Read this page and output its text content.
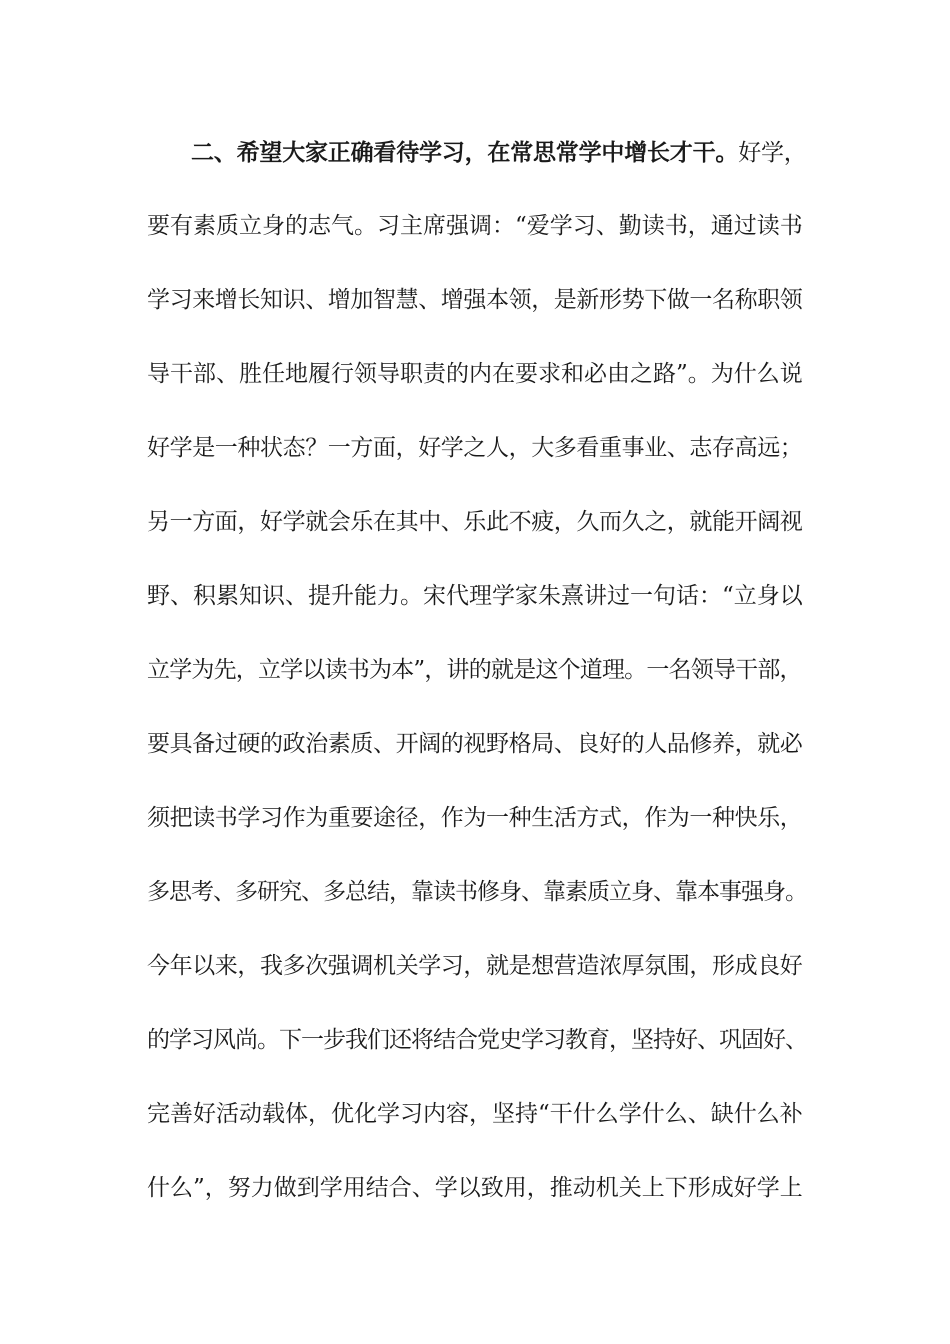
二、希望大家正确看待学习，在常思常学中增长才干。好学，
要有素质立身的志气。习主席强调：“爱学习、勤读书，通过读书
学习来增长知识、增加智慧、增强本领，是新形势下做一名称职领
导干部、胜任地履行领导职责的内在要求和必由之路”。为什么说
好学是一种状态？一方面，好学之人，大多看重事业、志存高远；
另一方面，好学就会乐在其中、乐此不疲，久而久之，就能开阔视
野、积累知识、提升能力。宋代理学家朱熹讲过一句话：“立身以
立学为先，立学以读书为本”，讲的就是这个道理。一名领导干部，
要具备过硬的政治素质、开阔的视野格局、良好的人品修养，就必
须把读书学习作为重要途径，作为一种生活方式，作为一种快乐，
多思考、多研究、多总结，靠读书修身、靠素质立身、靠本事强身。
今年以来，我多次强调机关学习，就是想营造浓厚氛围，形成良好
的学习风尚。下一步我们还将结合党史学习教育，坚持好、巩固好、
完善好活动载体，优化学习内容，坚持“干什么学什么、缺什么补
什么”，努力做到学用结合、学以致用，推动机关上下形成好学上
